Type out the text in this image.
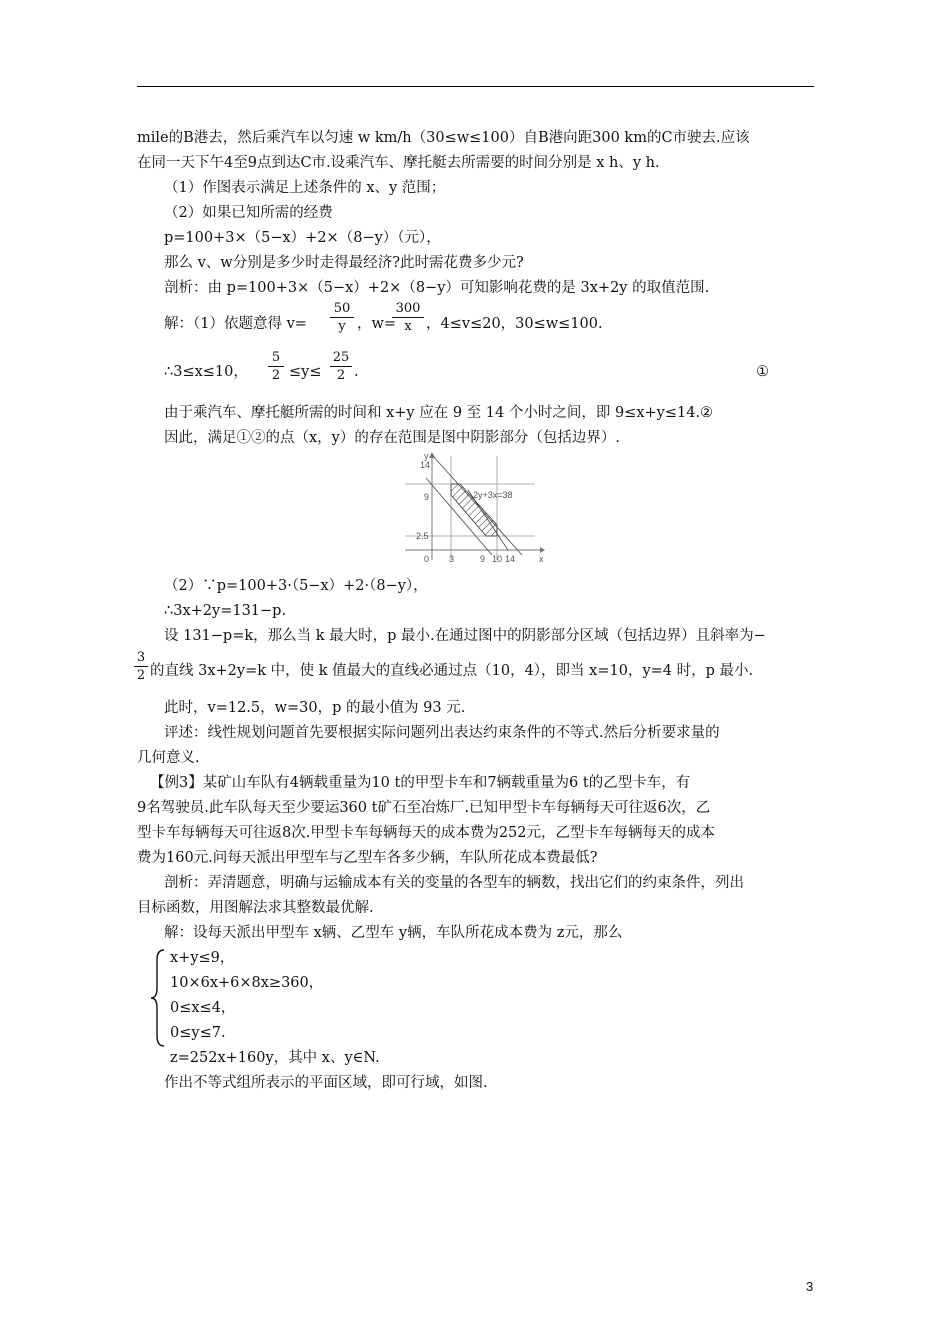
mile的B港去，然后乘汽车以匀速 w km/h（30≤w≤100）自B港向距300 km的C市驶去.应该
在同一天下午4至9点到达C市.设乘汽车、摩托艇去所需要的时间分别是 x h、y h.
（1）作图表示满足上述条件的 x、y 范围；
（2）如果已知所需的经费
p=100+3×（5−x）+2×（8−y）（元），
那么 v、w分别是多少时走得最经济?此时需花费多少元?
剖析：由 p=100+3×（5−x）+2×（8−y）可知影响花费的是 3x+2y 的取值范围.
解：（1）依题意得 v=
50
y ，w=
300
x ，4≤v≤20，30≤w≤100.
∴3≤x≤10，
5
2 ≤y≤
25
2 .	①
由于乘汽车、摩托艇所需的时间和 x+y 应在 9 至 14 个小时之间，即 9≤x+y≤14.②
因此，满足①②的点（x，y）的存在范围是图中阴影部分（包括边界）.
y
x
0
14
9
2.5
3	9 10 14
2y+3x=38
（2）∵p=100+3·（5−x）+2·（8−y），
∴3x+2y=131−p.
设 131−p=k，那么当 k 最大时，p 最小.在通过图中的阴影部分区域（包括边界）且斜率为−
3
2 的直线 3x+2y=k 中，使 k 值最大的直线必通过点（10，4），即当 x=10，y=4 时，p 最小.
此时，v=12.5，w=30，p 的最小值为 93 元.
评述：线性规划问题首先要根据实际问题列出表达约束条件的不等式.然后分析要求量的
几何意义.
【例3】某矿山车队有4辆载重量为10 t的甲型卡车和7辆载重量为6 t的乙型卡车，有
9名驾驶员.此车队每天至少要运360 t矿石至冶炼厂.已知甲型卡车每辆每天可往返6次，乙
型卡车每辆每天可往返8次.甲型卡车每辆每天的成本费为252元，乙型卡车每辆每天的成本
费为160元.问每天派出甲型车与乙型车各多少辆，车队所花成本费最低?
剖析：弄清题意，明确与运输成本有关的变量的各型车的辆数，找出它们的约束条件，列出
目标函数，用图解法求其整数最优解.
解：设每天派出甲型车 x辆、乙型车 y辆，车队所花成本费为 z元，那么
x+y≤9，
10×6x+6×8x≥360，
0≤x≤4，
0≤y≤7.
z=252x+160y，其中 x、y∈N.
作出不等式组所表示的平面区域，即可行域，如图.
3
